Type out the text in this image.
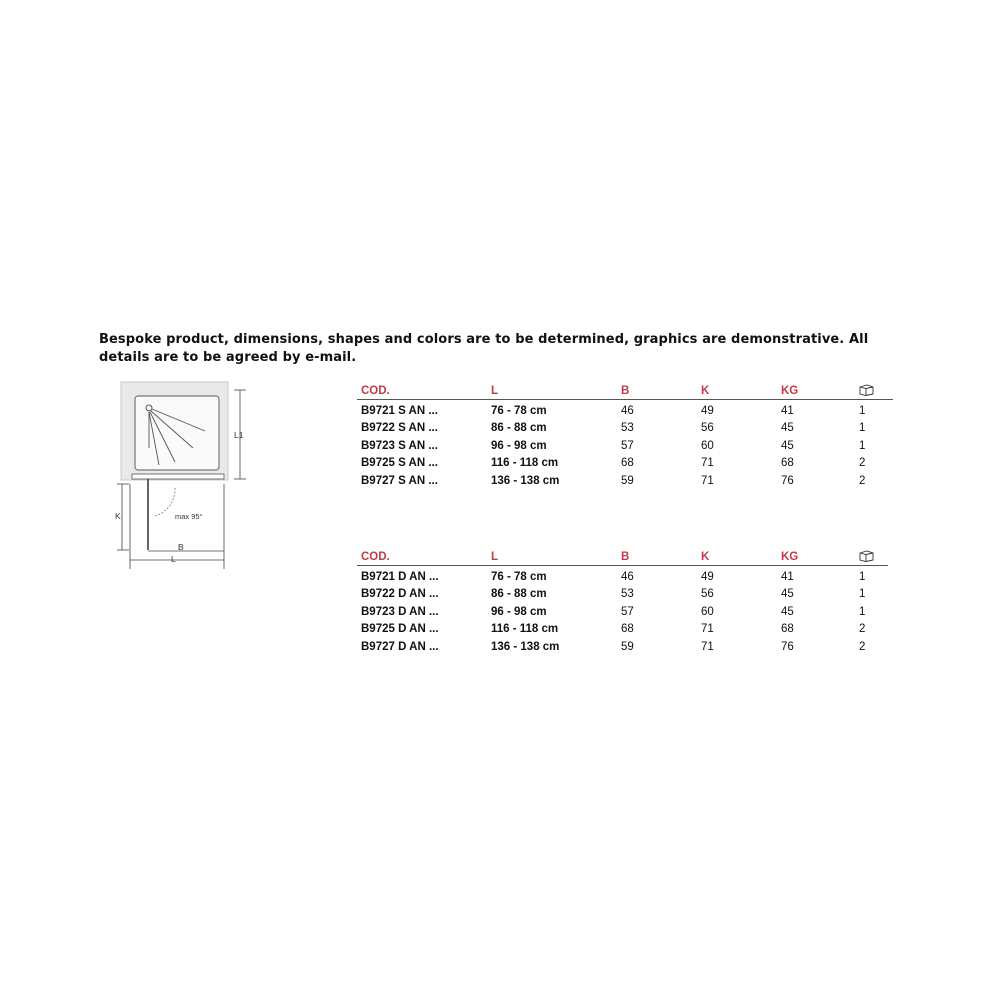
Bespoke product, dimensions, shapes and colors are to be determined, graphics are demonstrative. All details are to be agreed by e-mail.

max 95°
L1
K
B
L
COD.	L	B	K	KG	
B9721 S AN ...	76 - 78 cm	46	49	41	1
B9722 S AN ...	86 - 88 cm	53	56	45	1
B9723 S AN ...	96 - 98 cm	57	60	45	1
B9725 S AN ...	116 - 118 cm	68	71	68	2
B9727 S AN ...	136 - 138 cm	59	71	76	2
COD.	L	B	K	KG	
B9721 D AN ...	76 - 78 cm	46	49	41	1
B9722 D AN ...	86 - 88 cm	53	56	45	1
B9723 D AN ...	96 - 98 cm	57	60	45	1
B9725 D AN ...	116 - 118 cm	68	71	68	2
B9727 D AN ...	136 - 138 cm	59	71	76	2
